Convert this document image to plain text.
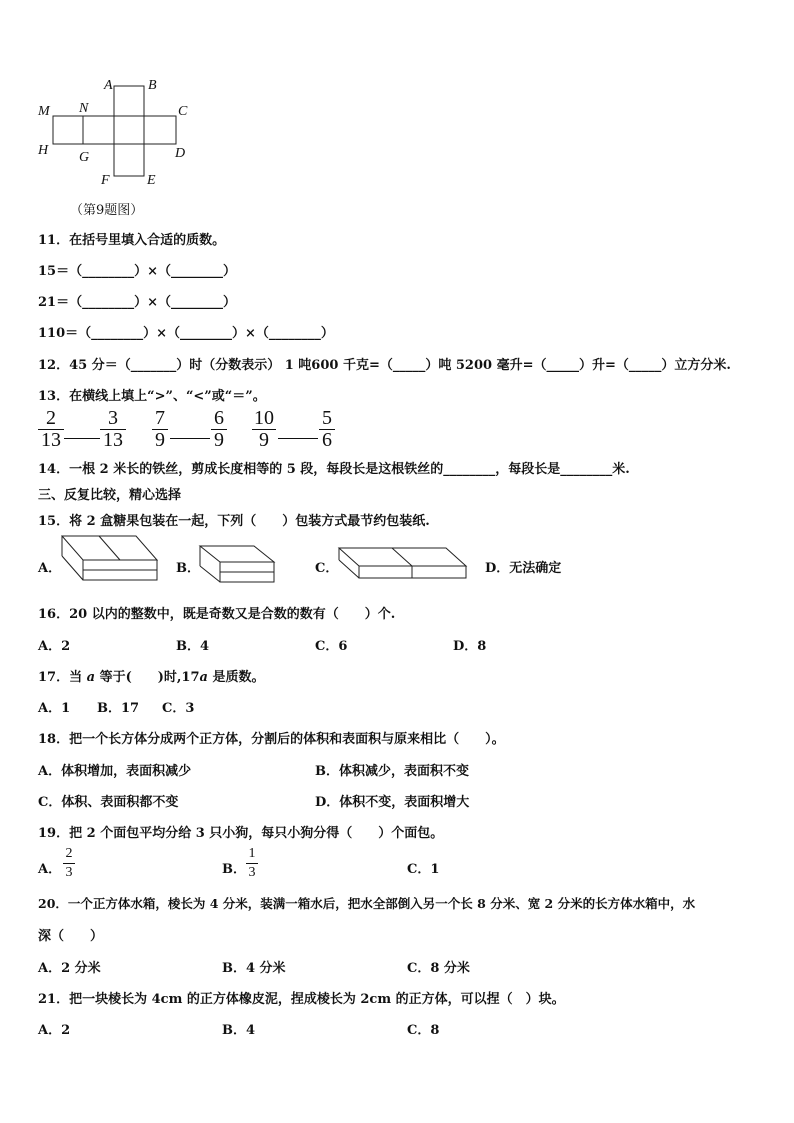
A	B
M N	C
H G	D
F	E
（第9题图）
11．在括号里填入合适的质数。
15＝（________）×（________）
21＝（________）×（________）
110＝（________）×（________）×（________）
12．45 分＝（_______）时（分数表示） 1 吨600 千克=（_____）吨 5200 毫升=（_____）升=（_____）立方分米.
13．在横线上填上“>”、“<”或“＝”。
2
13
3
13
7
9
6
9
10
9
5
6
14．一根 2 米长的铁丝，剪成长度相等的 5 段，每段长是这根铁丝的________，每段长是________米.
三、反复比较，精心选择
15．将 2 盒糖果包装在一起，下列（　　）包装方式最节约包装纸.
A．	B．	C．	D．无法确定
16．20 以内的整数中，既是奇数又是合数的数有（　　）个.
A．2	B．4	C．6	D．8
17．当 a 等于(　　)时,17a 是质数。
A．1 B．17 C．3
18．把一个长方体分成两个正方体，分割后的体积和表面积与原来相比（　　）。
A．体积增加，表面积减少	B．体积减少，表面积不变
C．体积、表面积都不变	D．体积不变，表面积增大
19．把 2 个面包平均分给 3 只小狗，每只小狗分得（　　）个面包。
A．
2
3	B．
1
3	C．1
20．一个正方体水箱，棱长为 4 分米，装满一箱水后，把水全部倒入另一个长 8 分米、宽 2 分米的长方体水箱中，水
深（　　）
A．2 分米	B．4 分米	C．8 分米
21．把一块棱长为 4cm 的正方体橡皮泥，捏成棱长为 2cm 的正方体，可以捏（　）块。
A．2	B．4	C．8
